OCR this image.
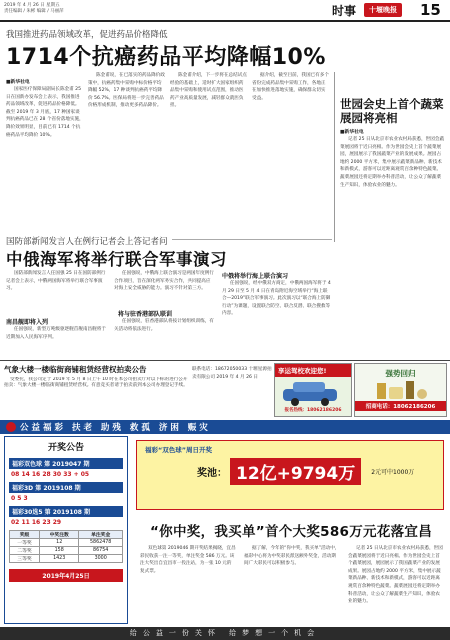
2019 年 4 月 26 日 星期五
责任编辑 / 朱彬 编辑 / 马丽萍	时事	十堰晚报	15
我国推进药品领域改革，促进药品价格降低
1714个抗癌药品平均降幅10%
■新华社电
国家医疗保障局副局长陈金甫 25 日在国新办发布会上表示，我国推进药品领域改革，促进药品价格降低。截至 2019 年 3 月底，17 种国家谈判抗癌药品已在 28 个省份落地实施，降价效果明显，目前已有 1714 个抗癌药品平均降价 10%。
陈金甫说，在已落实的药品降价政策中，抗癌药集中采购中标价格平均降幅 52%，17 种谈判抗癌药平均降价 56.7%。医保局将进一步完善药品价格形成机制，推动更多药品降价。
陈金甫介绍，下一步将在总结试点经验的基础上，适时扩大国家组织药品集中采购和使用试点范围，推动医药产业高质量发展，减轻群众就医负担。
据介绍，截至目前，我国已有多个省份完成药品集中采购工作，各地正在加快推进落地实施，确保群众切实受益。	世园会史上首个蔬菜展园将亮相
■新华社电
记者 25 日从北京市农业农村局获悉，世园会蔬菜展园将于近日亮相。作为世园会史上首个蔬菜展园，展园展示了我国蔬菜产业的发展成果。展园占地约 2000 平方米，集中展示蔬菜新品种、新技术和新模式，游客可以近距离观赏百余种特色蔬菜。蔬菜展园还将定期举办科普活动，让公众了解蔬菜生产知识，体验农业的魅力。
国防部新闻发言人在例行记者会上答记者问
中俄海军将举行联合军事演习
国防部新闻发言人任国强 25 日在国防部例行记者会上表示，中俄两国海军将举行联合军事演习。
南昌舰即将入列
任国强说，新型万吨级驱逐舰首舰南昌舰将于近期加入人民海军序列。
任国强说，中俄海上联合演习是两国年度例行合作项目，旨在深化两军务实合作，共同提高应对海上安全威胁的能力。演习不针对第三方。
将与驻香港部队联训
任国强说，驻香港部队将按计划组织训练，有关活动将依法进行。
中俄将举行海上联合演习
任国强说，经中俄双方商定，中俄两国海军将于 4 月 29 日至 5 月 4 日在青岛附近海空域举行“海上联合—2019”联合军事演习。此次演习以“联合海上防御行动”为课题，设置联合防空、联合反潜、联合搜救等内容。
气象大楼一楼临街商铺租赁经营权拍卖公告
受委托，我公司定于 2019 年 5 月 8 日上午 10 时在本公司拍卖厅对以下标的进行公开拍卖：气象大楼一楼临街商铺租赁经营权。有意竞买者请于拍卖前到本公司办理登记手续。
联系电话：18672050033 十堰星源拍卖有限公司 2019 年 4 月 26 日
享运驾校欢迎您!
报名热线：18062186206
强势回归
招商电话：18062186206
公益福彩 扶老 助残 救孤 济困 赈灾
开奖公告
福彩双色球 第 2019047 期
08 14 16 28 30 33 + 05
福彩3D 第 2019108 期
0 5 3
福彩30选5 第 2019108 期
02 11 16 23 29
奖级	中奖注数	单注奖金
一等奖	12	5862478
二等奖	158	86754
三等奖	1423	3000
2019年4月25日
福彩“双色球”周日开奖
奖池： 12亿+9794万	2元可中1000万
“你中奖，我买单”首个大奖586万元花落宜昌
双色球第 2019046 期开奖结果揭晓，宜昌彩民收获一注一等奖，单注奖金 586 万元。该注大奖出自宜昌市一投注站，为一张 10 元的复式票。
据了解，今年的“你中奖，我买单”活动中，福彩中心将为中奖彩民派送额外奖金，活动期间广大彩民可以积极参与。
记者 25 日从北京市农业农村局获悉，世园会蔬菜展园将于近日亮相。作为世园会史上首个蔬菜展园，展园展示了我国蔬菜产业的发展成果。展园占地约 2000 平方米，集中展示蔬菜新品种、新技术和新模式，游客可以近距离观赏百余种特色蔬菜。蔬菜展园还将定期举办科普活动，让公众了解蔬菜生产知识，体验农业的魅力。
给公益一份关怀 给梦想一个机会
